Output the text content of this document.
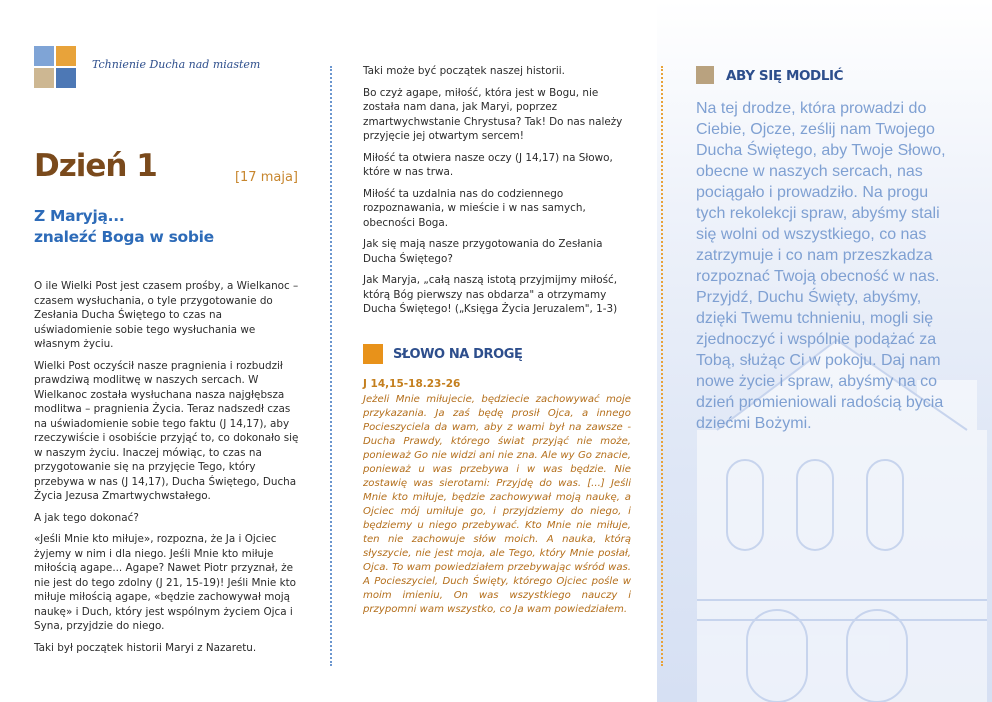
Tchnienie Ducha nad miastem
Dzień 1	[17 maja]
Z Maryją...
znaleźć Boga w sobie

O ile Wielki Post jest czasem prośby, a Wielkanoc – czasem wysłuchania, o tyle przygotowanie do Zesłania Ducha Świętego to czas na uświadomienie sobie tego wysłuchania we własnym życiu.

Wielki Post oczyścił nasze pragnienia i rozbudził prawdziwą modlitwę w naszych sercach. W Wielkanoc została wysłuchana nasza najgłębsza modlitwa – pragnienia Życia. Teraz nadszedł czas na uświadomienie sobie tego faktu (J 14,17), aby rzeczywiście i osobiście przyjąć to, co dokonało się w naszym życiu. Inaczej mówiąc, to czas na przygotowanie się na przyjęcie Tego, który przebywa w nas (J 14,17), Ducha Świętego, Ducha Życia Jezusa Zmartwychwstałego.

A jak tego dokonać?

«Jeśli Mnie kto miłuje», rozpozna, że Ja i Ojciec żyjemy w nim i dla niego. Jeśli Mnie kto miłuje miłością agape... Agape? Nawet Piotr przyznał, że nie jest do tego zdolny (J 21, 15-19)! Jeśli Mnie kto miłuje miłością agape, «będzie zachowywał moją naukę» i Duch, który jest wspólnym życiem Ojca i Syna, przyjdzie do niego.

Taki był początek historii Maryi z Nazaretu.

Taki może być początek naszej historii.

Bo czyż agape, miłość, która jest w Bogu, nie została nam dana, jak Maryi, poprzez zmartwychwstanie Chrystusa? Tak! Do nas należy przyjęcie jej otwartym sercem!

Miłość ta otwiera nasze oczy (J 14,17) na Słowo, które w nas trwa.

Miłość ta uzdalnia nas do codziennego rozpoznawania, w mieście i w nas samych, obecności Boga.

Jak się mają nasze przygotowania do Zesłania Ducha Świętego?

Jak Maryja, „całą naszą istotą przyjmijmy miłość, którą Bóg pierwszy nas obdarza" a otrzymamy Ducha Świętego! („Księga Życia Jeruzalem", 1-3)

SŁOWO NA DROGĘ
J 14,15-18.23-26

Jeżeli Mnie miłujecie, będziecie zachowywać moje przykazania. Ja zaś będę prosił Ojca, a innego Pocieszyciela da wam, aby z wami był na zawsze - Ducha Prawdy, którego świat przyjąć nie może, ponieważ Go nie widzi ani nie zna. Ale wy Go znacie, ponieważ u was przebywa i w was będzie. Nie zostawię was sierotami: Przyjdę do was. [...] Jeśli Mnie kto miłuje, będzie zachowywał moją naukę, a Ojciec mój umiłuje go, i przyjdziemy do niego, i będziemy u niego przebywać. Kto Mnie nie miłuje, ten nie zachowuje słów moich. A nauka, którą słyszycie, nie jest moja, ale Tego, który Mnie posłał, Ojca. To wam powiedziałem przebywając wśród was. A Pocieszyciel, Duch Święty, którego Ojciec pośle w moim imieniu, On was wszystkiego nauczy i przypomni wam wszystko, co Ja wam powiedziałem.

ABY SIĘ MODLIĆ

Na tej drodze, która prowadzi do Ciebie, Ojcze, ześlij nam Twojego Ducha Świętego, aby Twoje Słowo, obecne w naszych sercach, nas pociągało i prowadziło. Na progu tych rekolekcji spraw, abyśmy stali się wolni od wszystkiego, co nas zatrzymuje i co nam przeszkadza rozpoznać Twoją obecność w nas. Przyjdź, Duchu Święty, abyśmy, dzięki Twemu tchnieniu, mogli się zjednoczyć i wspólnie podążać za Tobą, służąc Ci w pokoju. Daj nam nowe życie i spraw, abyśmy na co dzień promieniowali radością bycia dziećmi Bożymi.
